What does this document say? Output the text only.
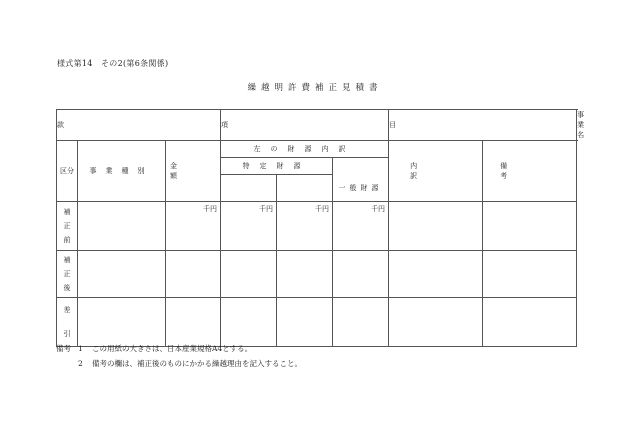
様式第14　その2(第6条関係)
繰越明許費補正見積書
款			項			目		事業名
区分	事業種別	金額	左の財源内訳			内訳	備考	
			特定財源		一般財源			

補正前		千円	千円	千円	千円			
補正後								
差引								
備考 1 この用紙の大きさは、日本産業規格A4とする。
2 備考の欄は、補正後のものにかかる繰越理由を記入すること。
